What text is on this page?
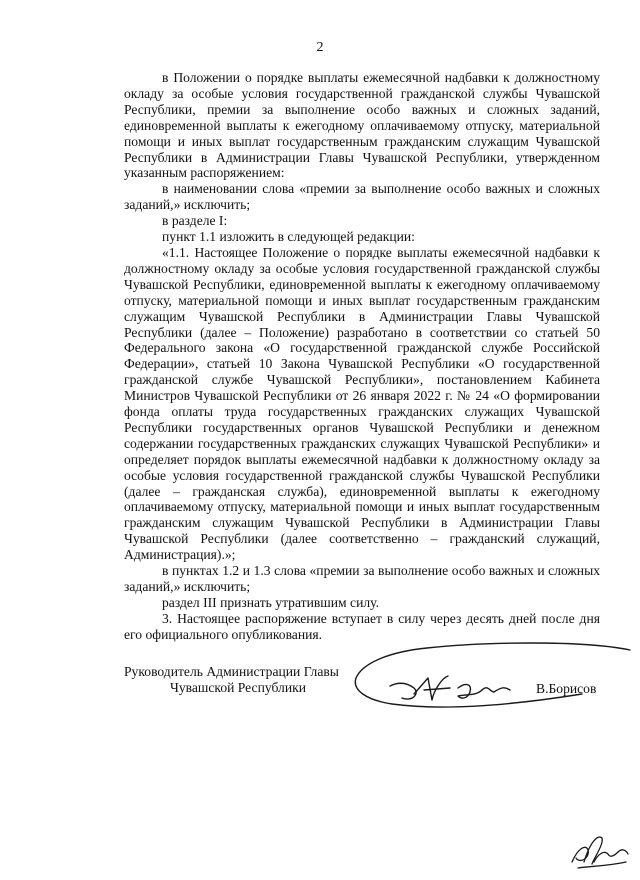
2

в Положении о порядке выплаты ежемесячной надбавки к должностному окладу за особые условия государственной гражданской службы Чувашской Республики, премии за выполнение особо важных и сложных заданий, единовременной выплаты к ежегодному оплачиваемому отпуску, материальной помощи и иных выплат государственным гражданским служащим Чувашской Республики в Администрации Главы Чувашской Республики, утвержденном указанным распоряжением:

в наименовании слова «премии за выполнение особо важных и сложных заданий,» исключить;

в разделе I:

пункт 1.1 изложить в следующей редакции:

«1.1. Настоящее Положение о порядке выплаты ежемесячной надбавки к должностному окладу за особые условия государственной гражданской службы Чувашской Республики, единовременной выплаты к ежегодному оплачиваемому отпуску, материальной помощи и иных выплат государственным гражданским служащим Чувашской Республики в Администрации Главы Чувашской Республики (далее – Положение) разработано в соответствии со статьей 50 Федерального закона «О государственной гражданской службе Российской Федерации», статьей 10 Закона Чувашской Республики «О государственной гражданской службе Чувашской Республики», постановлением Кабинета Министров Чувашской Республики от 26 января 2022 г. № 24 «О формировании фонда оплаты труда государственных гражданских служащих Чувашской Республики государственных органов Чувашской Республики и денежном содержании государственных гражданских служащих Чувашской Республики» и определяет порядок выплаты ежемесячной надбавки к должностному окладу за особые условия государственной гражданской службы Чувашской Республики (далее – гражданская служба), единовременной выплаты к ежегодному оплачиваемому отпуску, материальной помощи и иных выплат государственным гражданским служащим Чувашской Республики в Администрации Главы Чувашской Республики (далее соответственно – гражданский служащий, Администрация).»;

в пунктах 1.2 и 1.3 слова «премии за выполнение особо важных и сложных заданий,» исключить;

раздел III признать утратившим силу.

3. Настоящее распоряжение вступает в силу через десять дней после дня его официального опубликования.

Руководитель Администрации Главы
Чувашской Республики	В.Борисов
